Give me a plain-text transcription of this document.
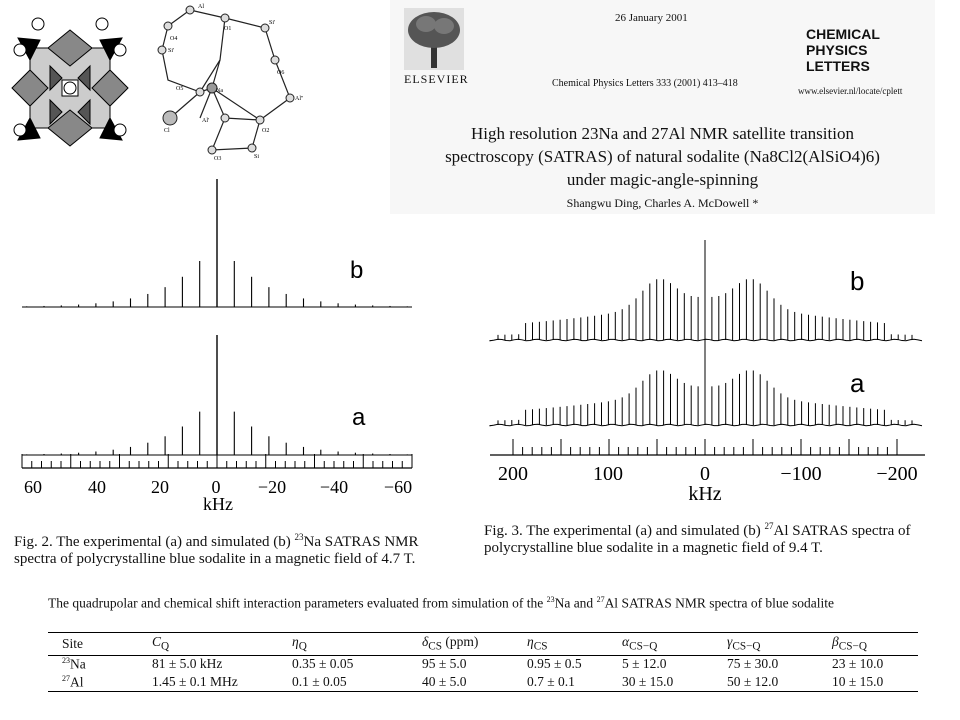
Al
O1
Si'
O4
O6
Si'
Na
O5
Al''
Cl
Al'
O2
O3	Si
ELSEVIER
26 January 2001
Chemical Physics Letters 333 (2001) 413–418
CHEMICAL
PHYSICS
LETTERS
www.elsevier.nl/locate/cplett
High resolution 23Na and 27Al NMR satellite transition
spectroscopy (SATRAS) of natural sodalite (Na8Cl2(AlSiO4)6)
under magic-angle-spinning
Shangwu Ding, Charles A. McDowell *
b
a
60	40	20 0 −20 −40 −60
kHz
Fig. 2. The experimental (a) and simulated (b) $^{23}$Na SATRAS NMR spectra of polycrystalline blue sodalite in a magnetic field of 4.7 T.
b
a
200	100	0	−100	−200
kHz
Fig. 3. The experimental (a) and simulated (b) $^{27}$Al SATRAS spectra of polycrystalline blue sodalite in a magnetic field of 9.4 T.
The quadrupolar and chemical shift interaction parameters evaluated from simulation of the $^{23}$Na and $^{27}$Al SATRAS NMR spectra of blue sodalite
Site	$C_Q$	$\eta_Q$	$\delta_{CS}$ (ppm)	$\eta_{CS}$	$\alpha_{CS-Q}$	$\gamma_{CS-Q}$	$\beta_{CS-Q}$
$^{23}$Na	81 ± 5.0 kHz	0.35 ± 0.05	95 ± 5.0	0.95 ± 0.5	5 ± 12.0	75 ± 30.0	23 ± 10.0
$^{27}$Al	1.45 ± 0.1 MHz	0.1 ± 0.05	40 ± 5.0	0.7 ± 0.1	30 ± 15.0	50 ± 12.0	10 ± 15.0
